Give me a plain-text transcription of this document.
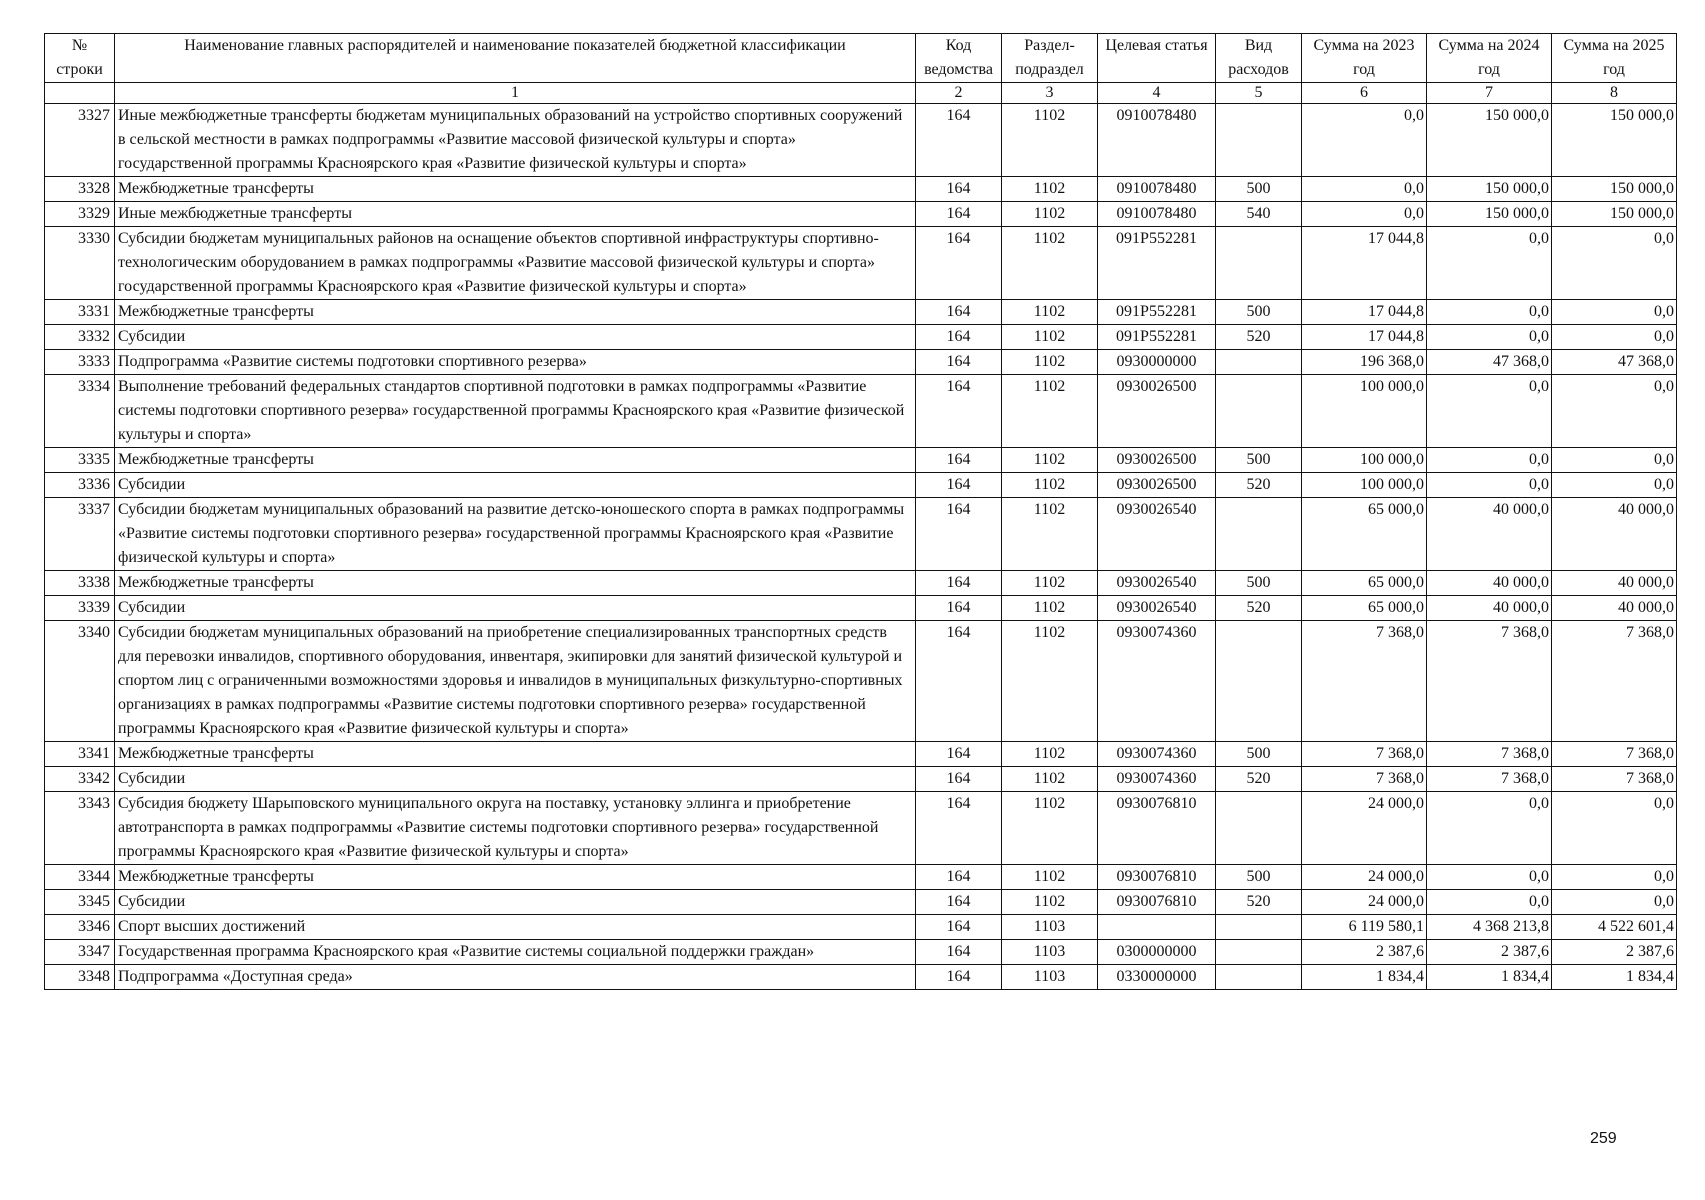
№ строки	Наименование главных распорядителей и наименование показателей бюджетной классификации	Код ведомства	Раздел-подраздел	Целевая статья	Вид расходов	Сумма на 2023 год	Сумма на 2024 год	Сумма на 2025 год
	1	2	3	4	5	6	7	8
3327	Иные межбюджетные трансферты бюджетам муниципальных образований на устройство спортивных сооружений в сельской местности в рамках подпрограммы «Развитие массовой физической культуры и спорта» государственной программы Красноярского края «Развитие физической культуры и спорта»	164	1102	0910078480		0,0	150 000,0	150 000,0
3328	Межбюджетные трансферты	164	1102	0910078480	500	0,0	150 000,0	150 000,0
3329	Иные межбюджетные трансферты	164	1102	0910078480	540	0,0	150 000,0	150 000,0
3330	Субсидии бюджетам муниципальных районов на оснащение объектов спортивной инфраструктуры спортивно-технологическим оборудованием в рамках подпрограммы «Развитие массовой физической культуры и спорта» государственной программы Красноярского края «Развитие физической культуры и спорта»	164	1102	091P552281		17 044,8	0,0	0,0
3331	Межбюджетные трансферты	164	1102	091P552281	500	17 044,8	0,0	0,0
3332	Субсидии	164	1102	091P552281	520	17 044,8	0,0	0,0
3333	Подпрограмма «Развитие системы подготовки спортивного резерва»	164	1102	0930000000		196 368,0	47 368,0	47 368,0
3334	Выполнение требований федеральных стандартов спортивной подготовки в рамках подпрограммы «Развитие системы подготовки спортивного резерва» государственной программы Красноярского края «Развитие физической культуры и спорта»	164	1102	0930026500		100 000,0	0,0	0,0
3335	Межбюджетные трансферты	164	1102	0930026500	500	100 000,0	0,0	0,0
3336	Субсидии	164	1102	0930026500	520	100 000,0	0,0	0,0
3337	Субсидии бюджетам муниципальных образований на развитие детско-юношеского спорта в рамках подпрограммы «Развитие системы подготовки спортивного резерва» государственной программы Красноярского края «Развитие физической культуры и спорта»	164	1102	0930026540		65 000,0	40 000,0	40 000,0
3338	Межбюджетные трансферты	164	1102	0930026540	500	65 000,0	40 000,0	40 000,0
3339	Субсидии	164	1102	0930026540	520	65 000,0	40 000,0	40 000,0
3340	Субсидии бюджетам муниципальных образований на приобретение специализированных транспортных средств для перевозки инвалидов, спортивного оборудования, инвентаря, экипировки для занятий физической культурой и спортом лиц с ограниченными возможностями здоровья и инвалидов в муниципальных физкультурно-спортивных организациях в рамках подпрограммы «Развитие системы подготовки спортивного резерва» государственной программы Красноярского края «Развитие физической культуры и спорта»	164	1102	0930074360		7 368,0	7 368,0	7 368,0
3341	Межбюджетные трансферты	164	1102	0930074360	500	7 368,0	7 368,0	7 368,0
3342	Субсидии	164	1102	0930074360	520	7 368,0	7 368,0	7 368,0
3343	Субсидия бюджету Шарыповского муниципального округа на поставку, установку эллинга и приобретение автотранспорта в рамках подпрограммы «Развитие системы подготовки спортивного резерва» государственной программы Красноярского края «Развитие физической культуры и спорта»	164	1102	0930076810		24 000,0	0,0	0,0
3344	Межбюджетные трансферты	164	1102	0930076810	500	24 000,0	0,0	0,0
3345	Субсидии	164	1102	0930076810	520	24 000,0	0,0	0,0
3346	Спорт высших достижений	164	1103			6 119 580,1	4 368 213,8	4 522 601,4
3347	Государственная программа Красноярского края «Развитие системы социальной поддержки граждан»	164	1103	0300000000		2 387,6	2 387,6	2 387,6
3348	Подпрограмма «Доступная среда»	164	1103	0330000000		1 834,4	1 834,4	1 834,4
259
